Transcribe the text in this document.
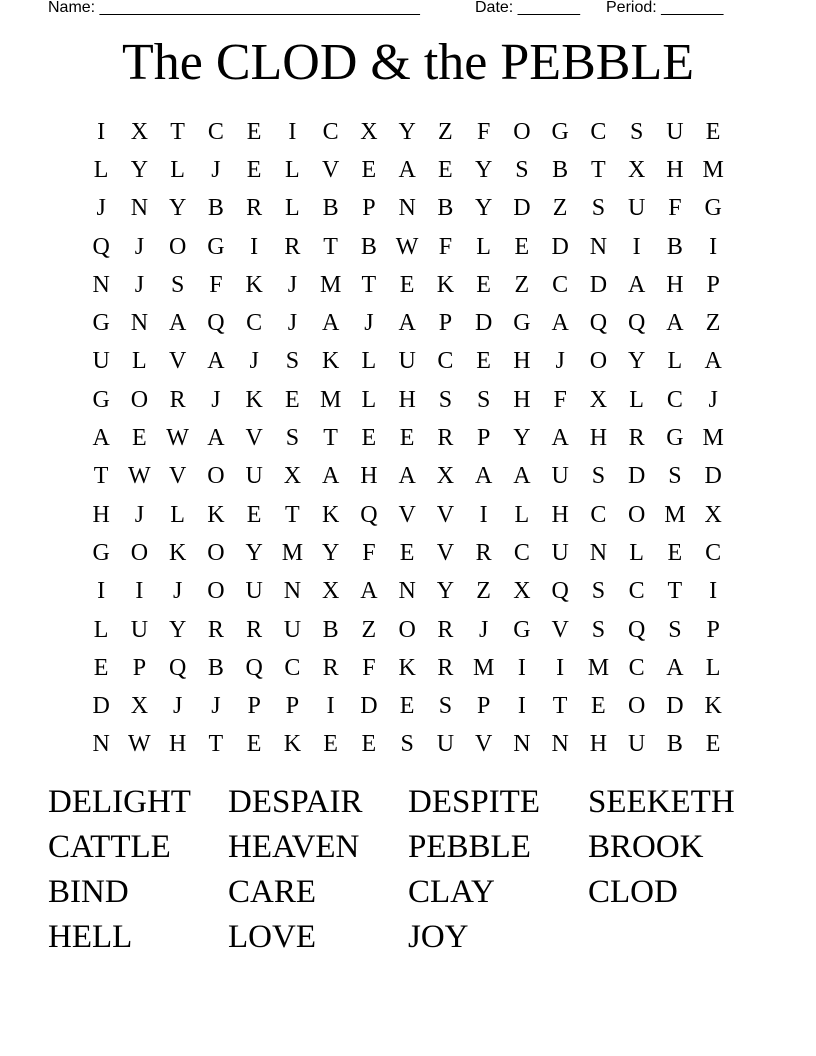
Name: ____________________________________

	Date: _______

Period: _______

The CLOD & the PEBBLE
I	X T C E	I	C X Y Z	F O G C S U E
L Y L	J	E L V E A E Y S B T X H M
J	N Y B R L B P N B Y D Z	S U F G
Q	J	O G	I	R T B W F	L E D N	I	B	I
N	J	S	F K	J M T E K E Z C D A H P
G N A Q C	J	A	J	A P D G A Q Q A Z
U L V A	J	S K L U C E H	J	O Y L A
G O R	J	K E M L H S	S H F X L C	J
A E W A V S	T E E R P Y A H R G M
T W V O U X A H A X A A U S D S D
H	J	L K E T K Q V V	I	L H C O M X
G O K O Y M Y F	E V R C U N L E C
I	I	J	O U N X A N Y Z X Q S C T	I
L U Y R R U B Z O R	J	G V S Q S	P
E	P Q B Q C R F K R M I	I M C A L
D X	J	J	P	P	I	D E	S	P	I	T E O D K
N W H T E K E E	S U V N N H U B E
DELIGHT	DESPAIR	DESPITE	SEEKETH
CATTLE	HEAVEN	PEBBLE	BROOK
BIND	CARE	CLAY	CLOD
HELL	LOVE	JOY
